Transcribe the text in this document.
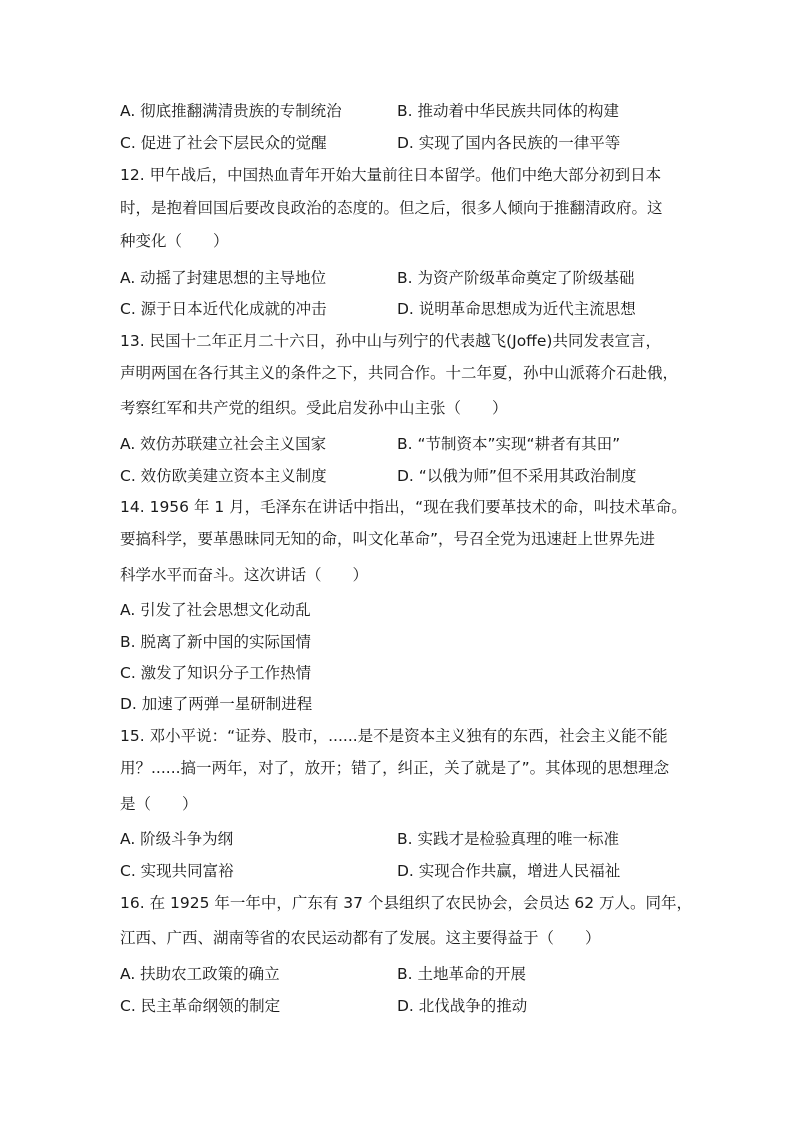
A. 彻底推翻满清贵族的专制统治	B. 推动着中华民族共同体的构建
C. 促进了社会下层民众的觉醒	D. 实现了国内各民族的一律平等
12. 甲午战后，中国热血青年开始大量前往日本留学。他们中绝大部分初到日本
时，是抱着回国后要改良政治的态度的。但之后，很多人倾向于推翻清政府。这
种变化（　　）
A. 动摇了封建思想的主导地位	B. 为资产阶级革命奠定了阶级基础
C. 源于日本近代化成就的冲击	D. 说明革命思想成为近代主流思想
13. 民国十二年正月二十六日，孙中山与列宁的代表越飞(Joffe)共同发表宣言，
声明两国在各行其主义的条件之下，共同合作。十二年夏，孙中山派蒋介石赴俄，
考察红军和共产党的组织。受此启发孙中山主张（　　）
A. 效仿苏联建立社会主义国家	B. “节制资本”实现“耕者有其田”
C. 效仿欧美建立资本主义制度	D. “以俄为师”但不采用其政治制度
14. 1956 年 1 月，毛泽东在讲话中指出，“现在我们要革技术的命，叫技术革命。
要搞科学，要革愚昧同无知的命，叫文化革命”，号召全党为迅速赶上世界先进
科学水平而奋斗。这次讲话（　　）
A. 引发了社会思想文化动乱
B. 脱离了新中国的实际国情
C. 激发了知识分子工作热情
D. 加速了两弹一星研制进程
15. 邓小平说：“证券、股市，......是不是资本主义独有的东西，社会主义能不能
用？......搞一两年，对了，放开；错了，纠正，关了就是了”。其体现的思想理念
是（　　）
A. 阶级斗争为纲	B. 实践才是检验真理的唯一标准
C. 实现共同富裕	D. 实现合作共赢，增进人民福祉
16. 在 1925 年一年中，广东有 37 个县组织了农民协会，会员达 62 万人。同年，
江西、广西、湖南等省的农民运动都有了发展。这主要得益于（　　）
A. 扶助农工政策的确立	B. 土地革命的开展
C. 民主革命纲领的制定	D. 北伐战争的推动
